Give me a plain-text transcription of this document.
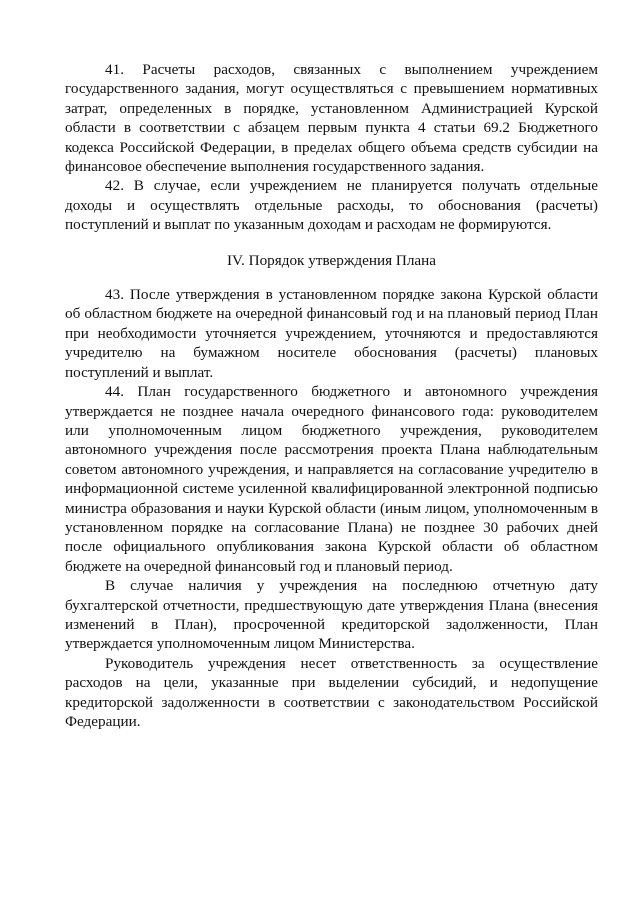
41. Расчеты расходов, связанных с выполнением учреждением государственного задания, могут осуществляться с превышением нормативных затрат, определенных в порядке, установленном Администрацией Курской области в соответствии с абзацем первым пункта 4 статьи 69.2 Бюджетного кодекса Российской Федерации, в пределах общего объема средств субсидии на финансовое обеспечение выполнения государственного задания.

42. В случае, если учреждением не планируется получать отдельные доходы и осуществлять отдельные расходы, то обоснования (расчеты) поступлений и выплат по указанным доходам и расходам не формируются.

IV. Порядок утверждения Плана

43. После утверждения в установленном порядке закона Курской области об областном бюджете на очередной финансовый год и на плановый период План при необходимости уточняется учреждением, уточняются и предоставляются учредителю на бумажном носителе обоснования (расчеты) плановых поступлений и выплат.

44. План государственного бюджетного и автономного учреждения утверждается не позднее начала очередного финансового года: руководителем или уполномоченным лицом бюджетного учреждения, руководителем автономного учреждения после рассмотрения проекта Плана наблюдательным советом автономного учреждения, и направляется на согласование учредителю в информационной системе усиленной квалифицированной электронной подписью министра образования и науки Курской области (иным лицом, уполномоченным в установленном порядке на согласование Плана) не позднее 30 рабочих дней после официального опубликования закона Курской области об областном бюджете на очередной финансовый год и плановый период.

В случае наличия у учреждения на последнюю отчетную дату бухгалтерской отчетности, предшествующую дате утверждения Плана (внесения изменений в План), просроченной кредиторской задолженности, План утверждается уполномоченным лицом Министерства.

Руководитель учреждения несет ответственность за осуществление расходов на цели, указанные при выделении субсидий, и недопущение кредиторской задолженности в соответствии с законодательством Российской Федерации.
